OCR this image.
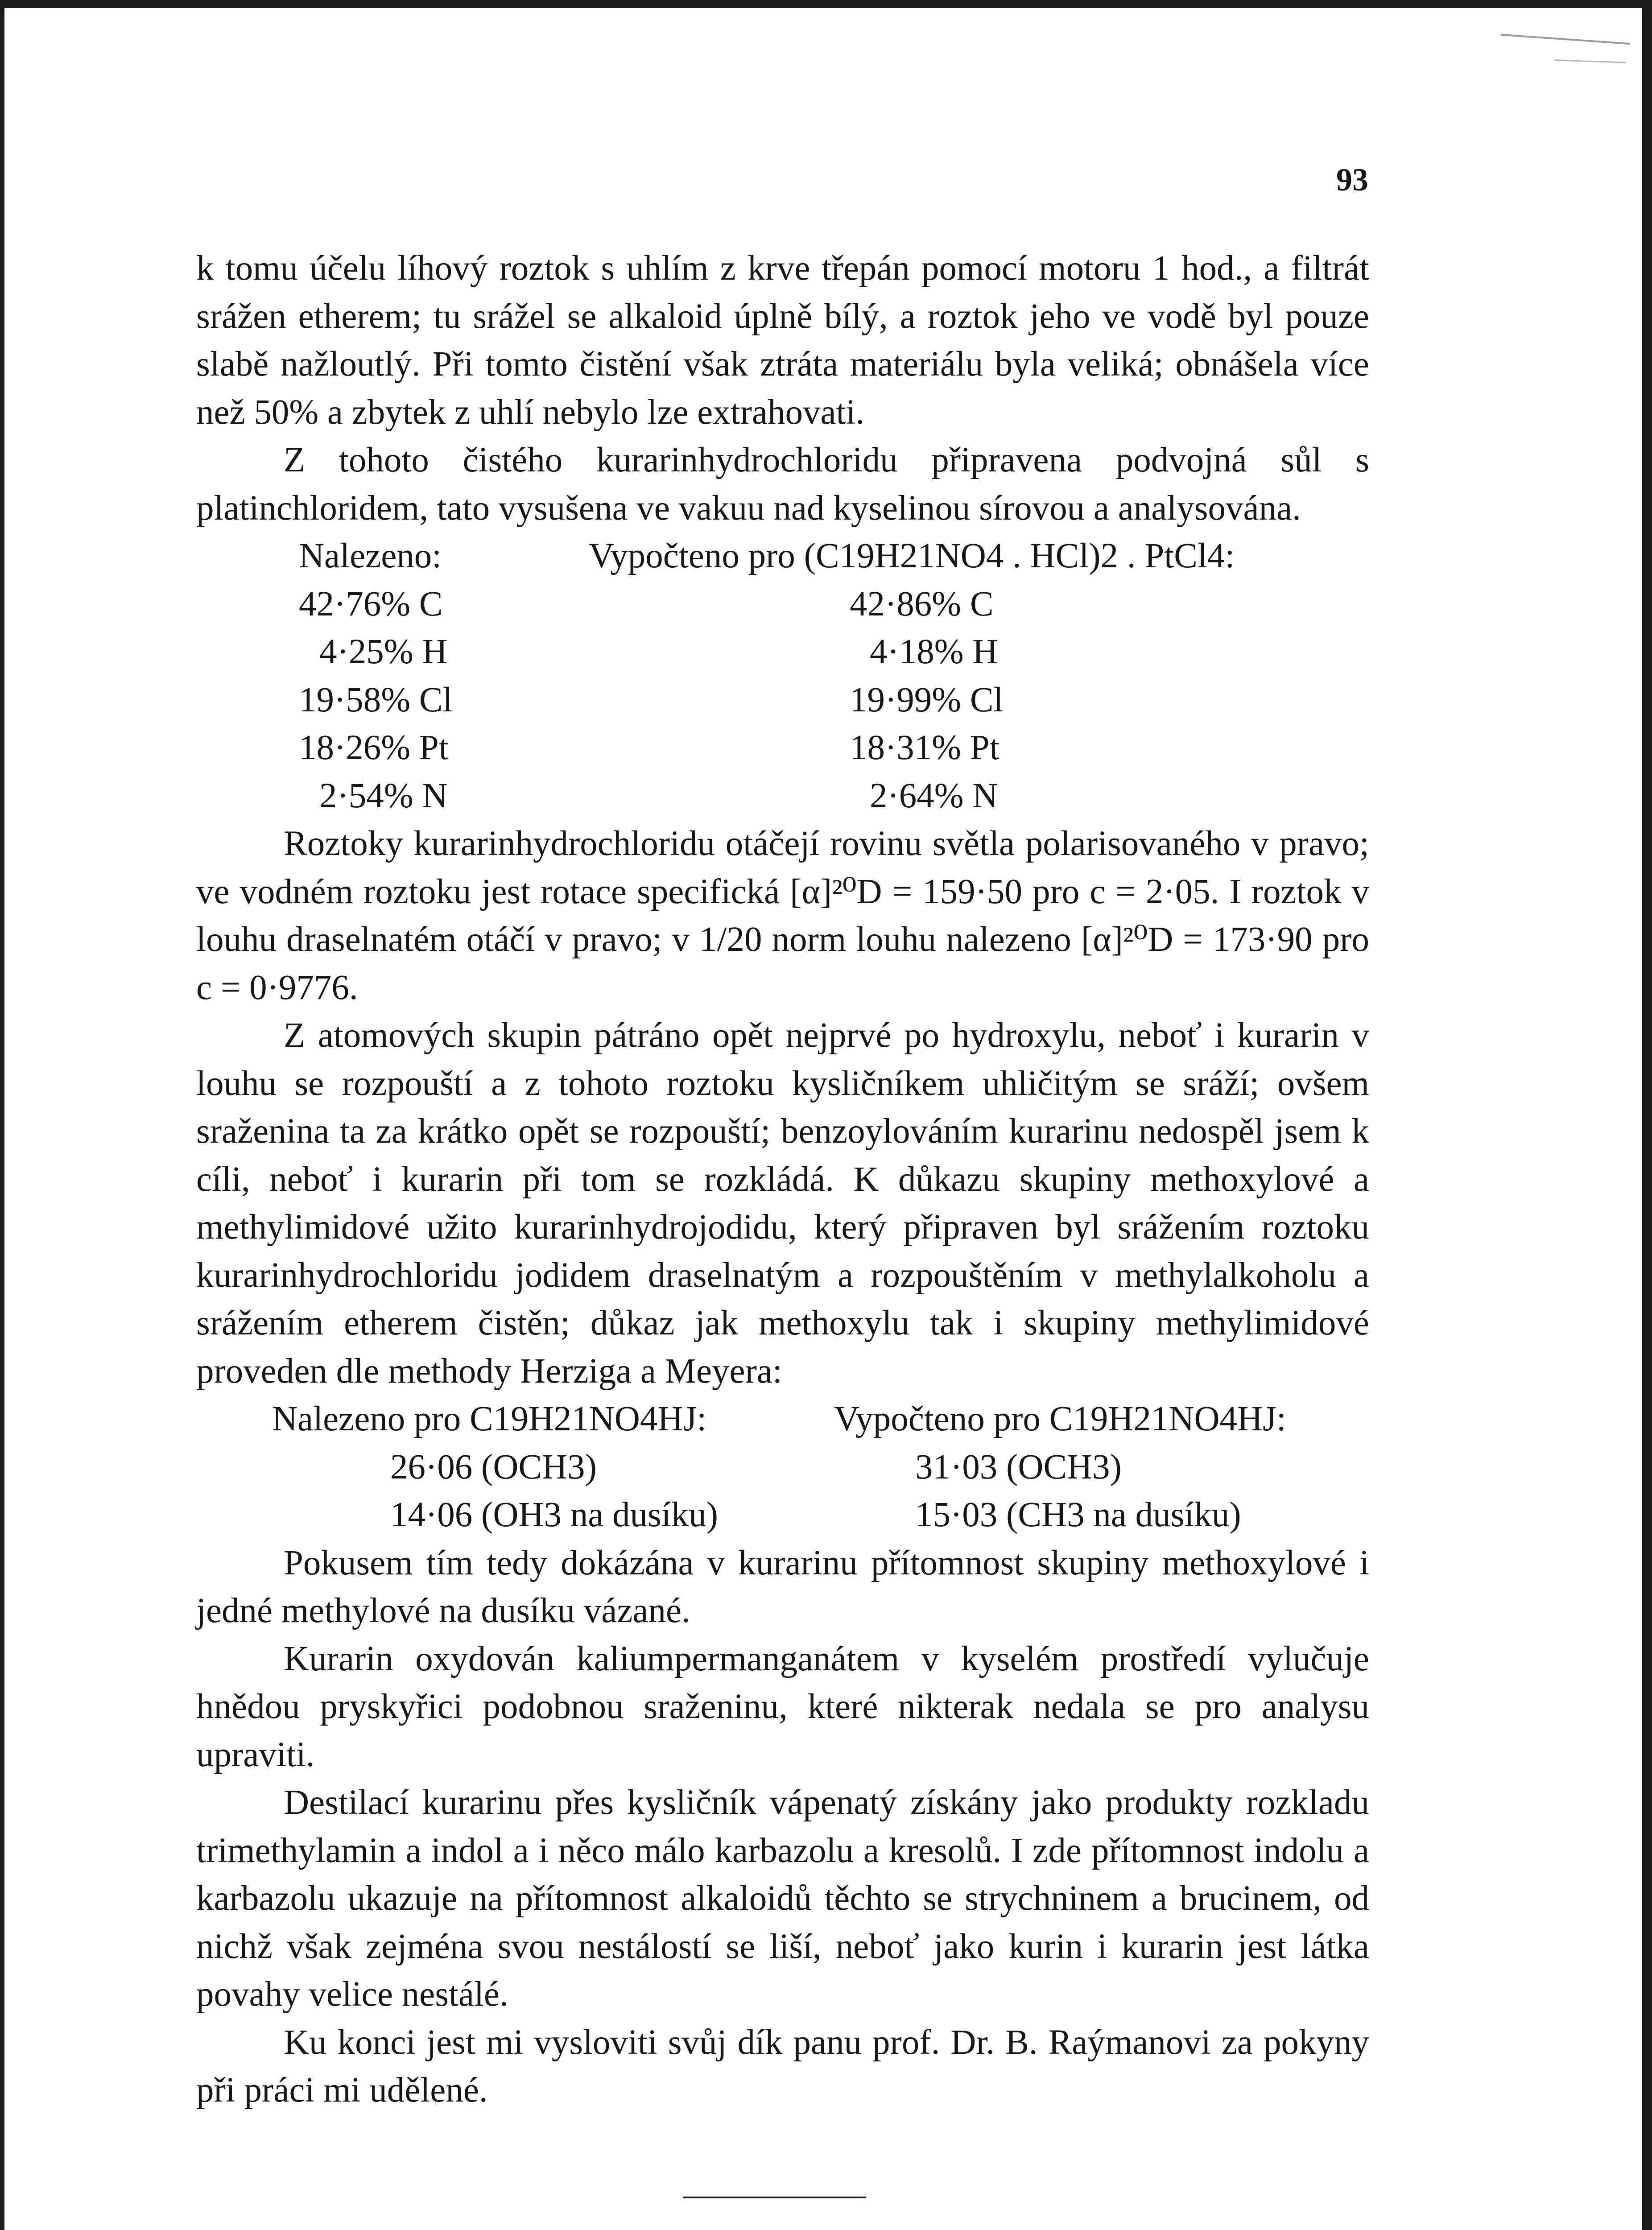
93

k tomu účelu líhový roztok s uhlím z krve třepán pomocí motoru 1 hod., a filtrát srážen etherem; tu srážel se alkaloid úplně bílý, a roztok jeho ve vodě byl pouze slabě nažloutlý. Při tomto čistění však ztráta materiálu byla veliká; obnášela více než 50% a zbytek z uhlí nebylo lze extrahovati.

Z tohoto čistého kurarinhydrochloridu připravena podvojná sůl s platinchloridem, tato vysušena ve vakuu nad kyselinou sírovou a analysována.

Nalezeno:	Vypočteno pro (C19H21NO4 . HCl)2 . PtCl4:
42·76% C	42·86% C
4·25% H	4·18% H
19·58% Cl	19·99% Cl
18·26% Pt	18·31% Pt
2·54% N	2·64% N

Roztoky kurarinhydrochloridu otáčejí rovinu světla polarisovaného v pravo; ve vodném roztoku jest rotace specifická [α]²⁰D = 159·50 pro c = 2·05. I roztok v louhu draselnatém otáčí v pravo; v 1/20 norm louhu nalezeno [α]²⁰D = 173·90 pro c = 0·9776.

Z atomových skupin pátráno opět nejprvé po hydroxylu, neboť i kurarin v louhu se rozpouští a z tohoto roztoku kysličníkem uhličitým se sráží; ovšem sraženina ta za krátko opět se rozpouští; benzoylováním kurarinu nedospěl jsem k cíli, neboť i kurarin při tom se rozkládá. K důkazu skupiny methoxylové a methylimidové užito kurarinhydrojodidu, který připraven byl srážením roztoku kurarinhydrochloridu jodidem draselnatým a rozpouštěním v methylalkoholu a srážením etherem čistěn; důkaz jak methoxylu tak i skupiny methylimidové proveden dle methody Herziga a Meyera:

Nalezeno pro C19H21NO4HJ:	Vypočteno pro C19H21NO4HJ:
26·06 (OCH3)	31·03 (OCH3)
14·06 (OH3 na dusíku)	15·03 (CH3 na dusíku)

Pokusem tím tedy dokázána v kurarinu přítomnost skupiny methoxylové i jedné methylové na dusíku vázané.

Kurarin oxydován kaliumpermanganátem v kyselém prostředí vylučuje hnědou pryskyřici podobnou sraženinu, které nikterak nedala se pro analysu upraviti.

Destilací kurarinu přes kysličník vápenatý získány jako produkty rozkladu trimethylamin a indol a i něco málo karbazolu a kresolů. I zde přítomnost indolu a karbazolu ukazuje na přítomnost alkaloidů těchto se strychninem a brucinem, od nichž však zejména svou nestálostí se liší, neboť jako kurin i kurarin jest látka povahy velice nestálé.

Ku konci jest mi vysloviti svůj dík panu prof. Dr. B. Raýmanovi za pokyny při práci mi udělené.
